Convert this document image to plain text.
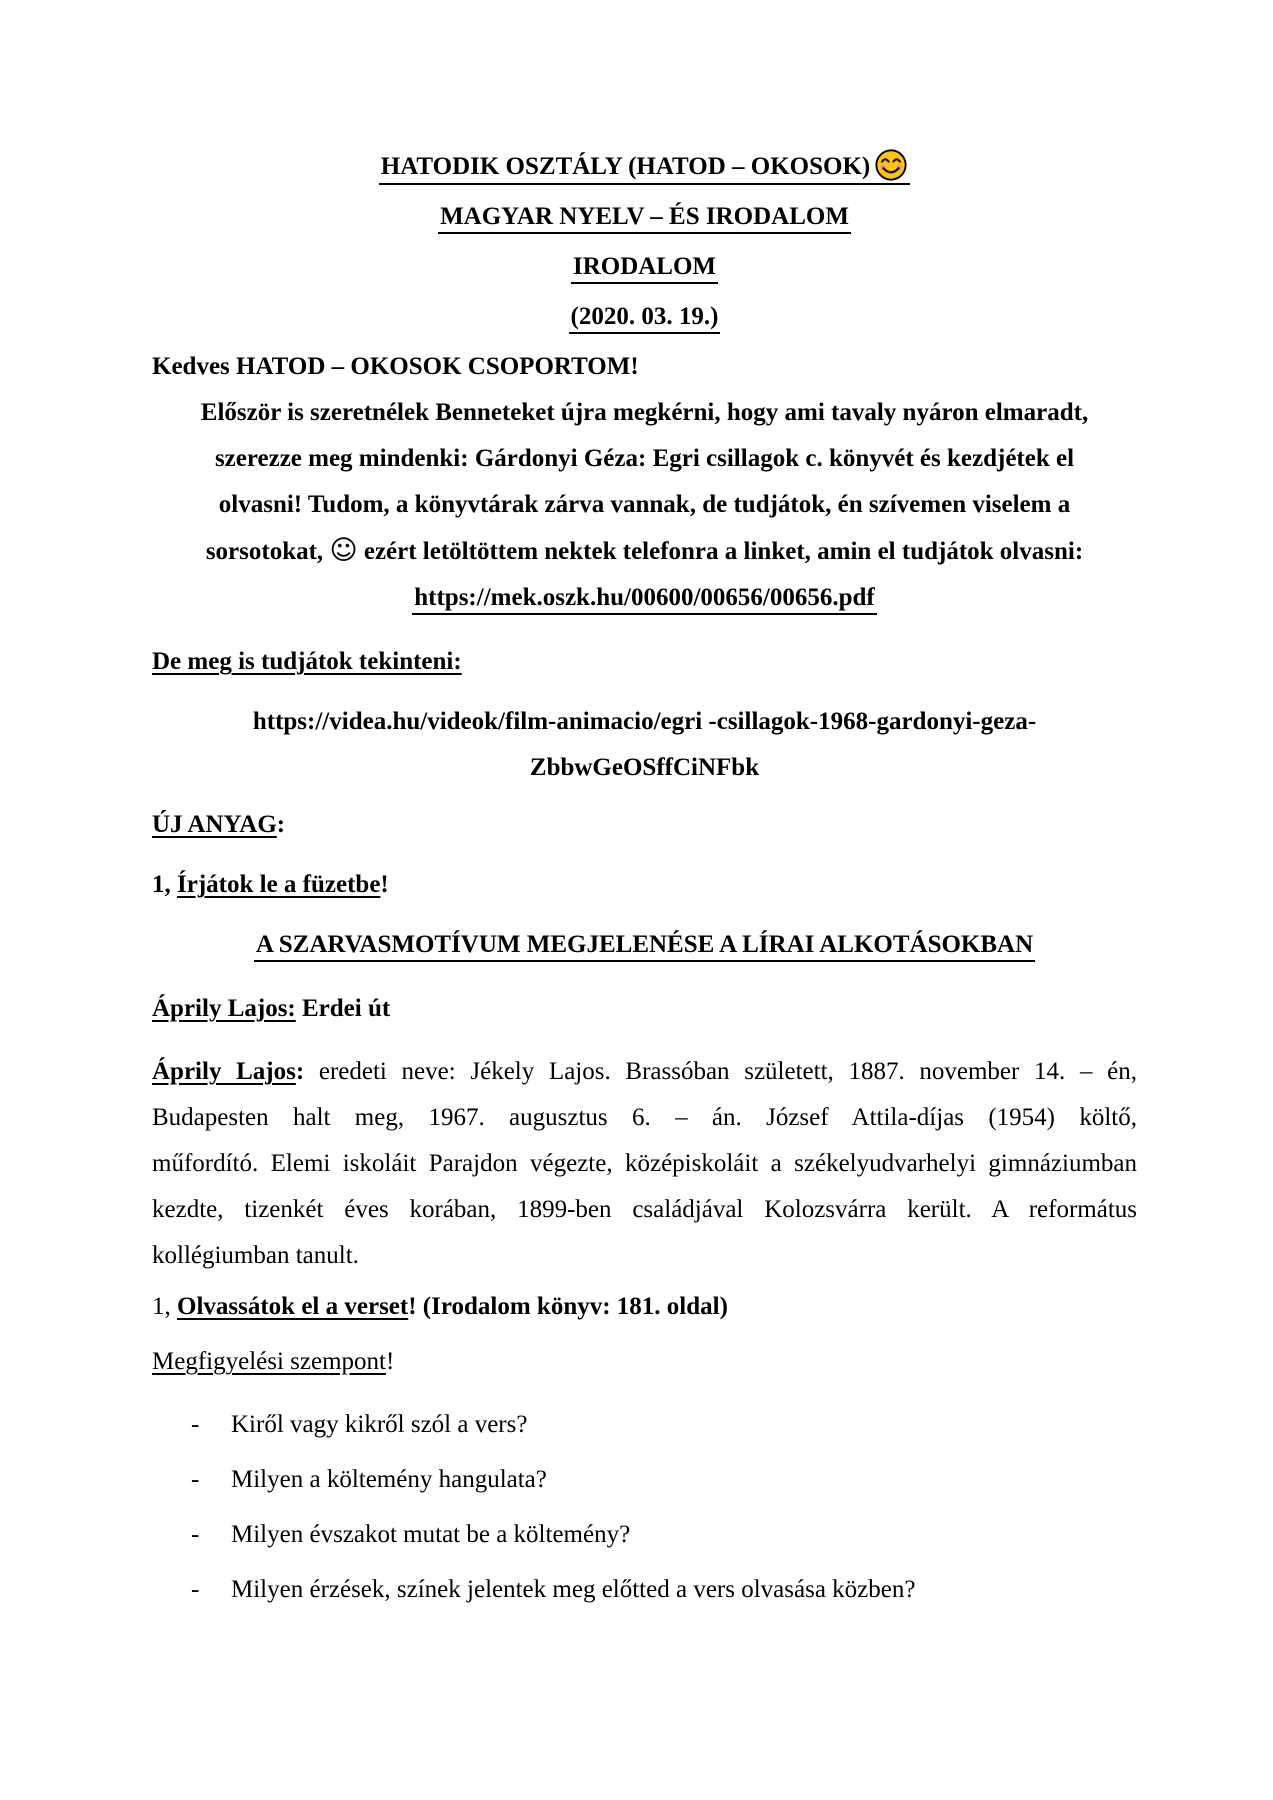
HATODIK OSZTÁLY (HATOD – OKOSOK)
MAGYAR NYELV – ÉS IRODALOM
IRODALOM
(2020. 03. 19.)
Kedves HATOD – OKOSOK CSOPORTOM!
Először is szeretnélek Benneteket újra megkérni, hogy ami tavaly nyáron elmaradt,
szerezze meg mindenki: Gárdonyi Géza: Egri csillagok c. könyvét és kezdjétek el
olvasni! Tudom, a könyvtárak zárva vannak, de tudjátok, én szívemen viselem a
sorsotokat, ☺ ezért letöltöttem nektek telefonra a linket, amin el tudjátok olvasni:
https://mek.oszk.hu/00600/00656/00656.pdf
De meg is tudjátok tekinteni:
https://videa.hu/videok/film-animacio/egri -csillagok-1968-gardonyi-geza-
ZbbwGeOSffCiNFbk
ÚJ ANYAG:
1, Írjátok le a füzetbe!
A SZARVASMOTÍVUM MEGJELENÉSE A LÍRAI ALKOTÁSOKBAN
Áprily Lajos: Erdei út
Áprily Lajos: eredeti neve: Jékely Lajos. Brassóban született, 1887. november 14. – én,
Budapesten halt meg, 1967. augusztus 6. – án. József Attila-díjas (1954) költő,
műfordító. Elemi iskoláit Parajdon végezte, középiskoláit a székelyudvarhelyi gimnáziumban
kezdte, tizenkét éves korában, 1899-ben családjával Kolozsvárra került. A református
kollégiumban tanult.
1, Olvassátok el a verset! (Irodalom könyv: 181. oldal)
Megfigyelési szempont!
-	Kiről vagy kikről szól a vers?
-	Milyen a költemény hangulata?
-	Milyen évszakot mutat be a költemény?
-	Milyen érzések, színek jelentek meg előtted a vers olvasása közben?
